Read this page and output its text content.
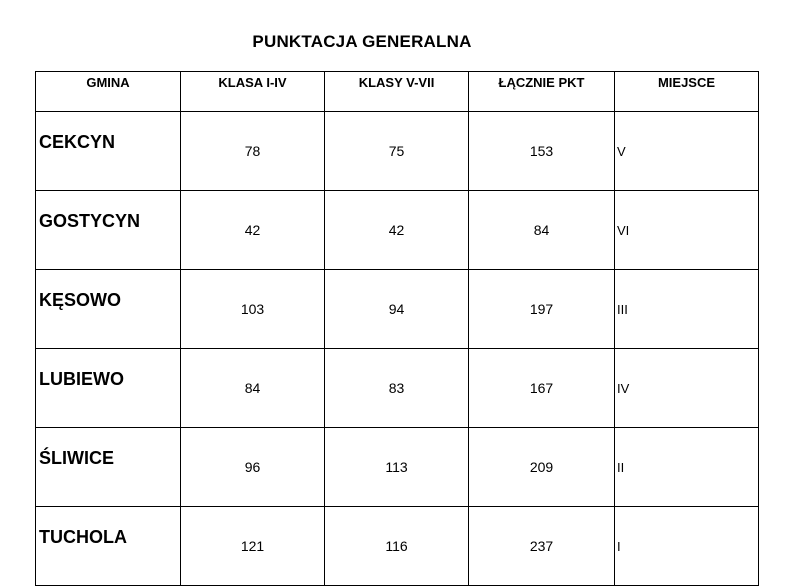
PUNKTACJA GENERALNA
GMINA	KLASA I-IV	KLASY V-VII	ŁĄCZNIE PKT	MIEJSCE
CEKCYN	78	75	153	V
GOSTYCYN	42	42	84	VI
KĘSOWO	103	94	197	III
LUBIEWO	84	83	167	IV
ŚLIWICE	96	113	209	II
TUCHOLA	121	116	237	I
